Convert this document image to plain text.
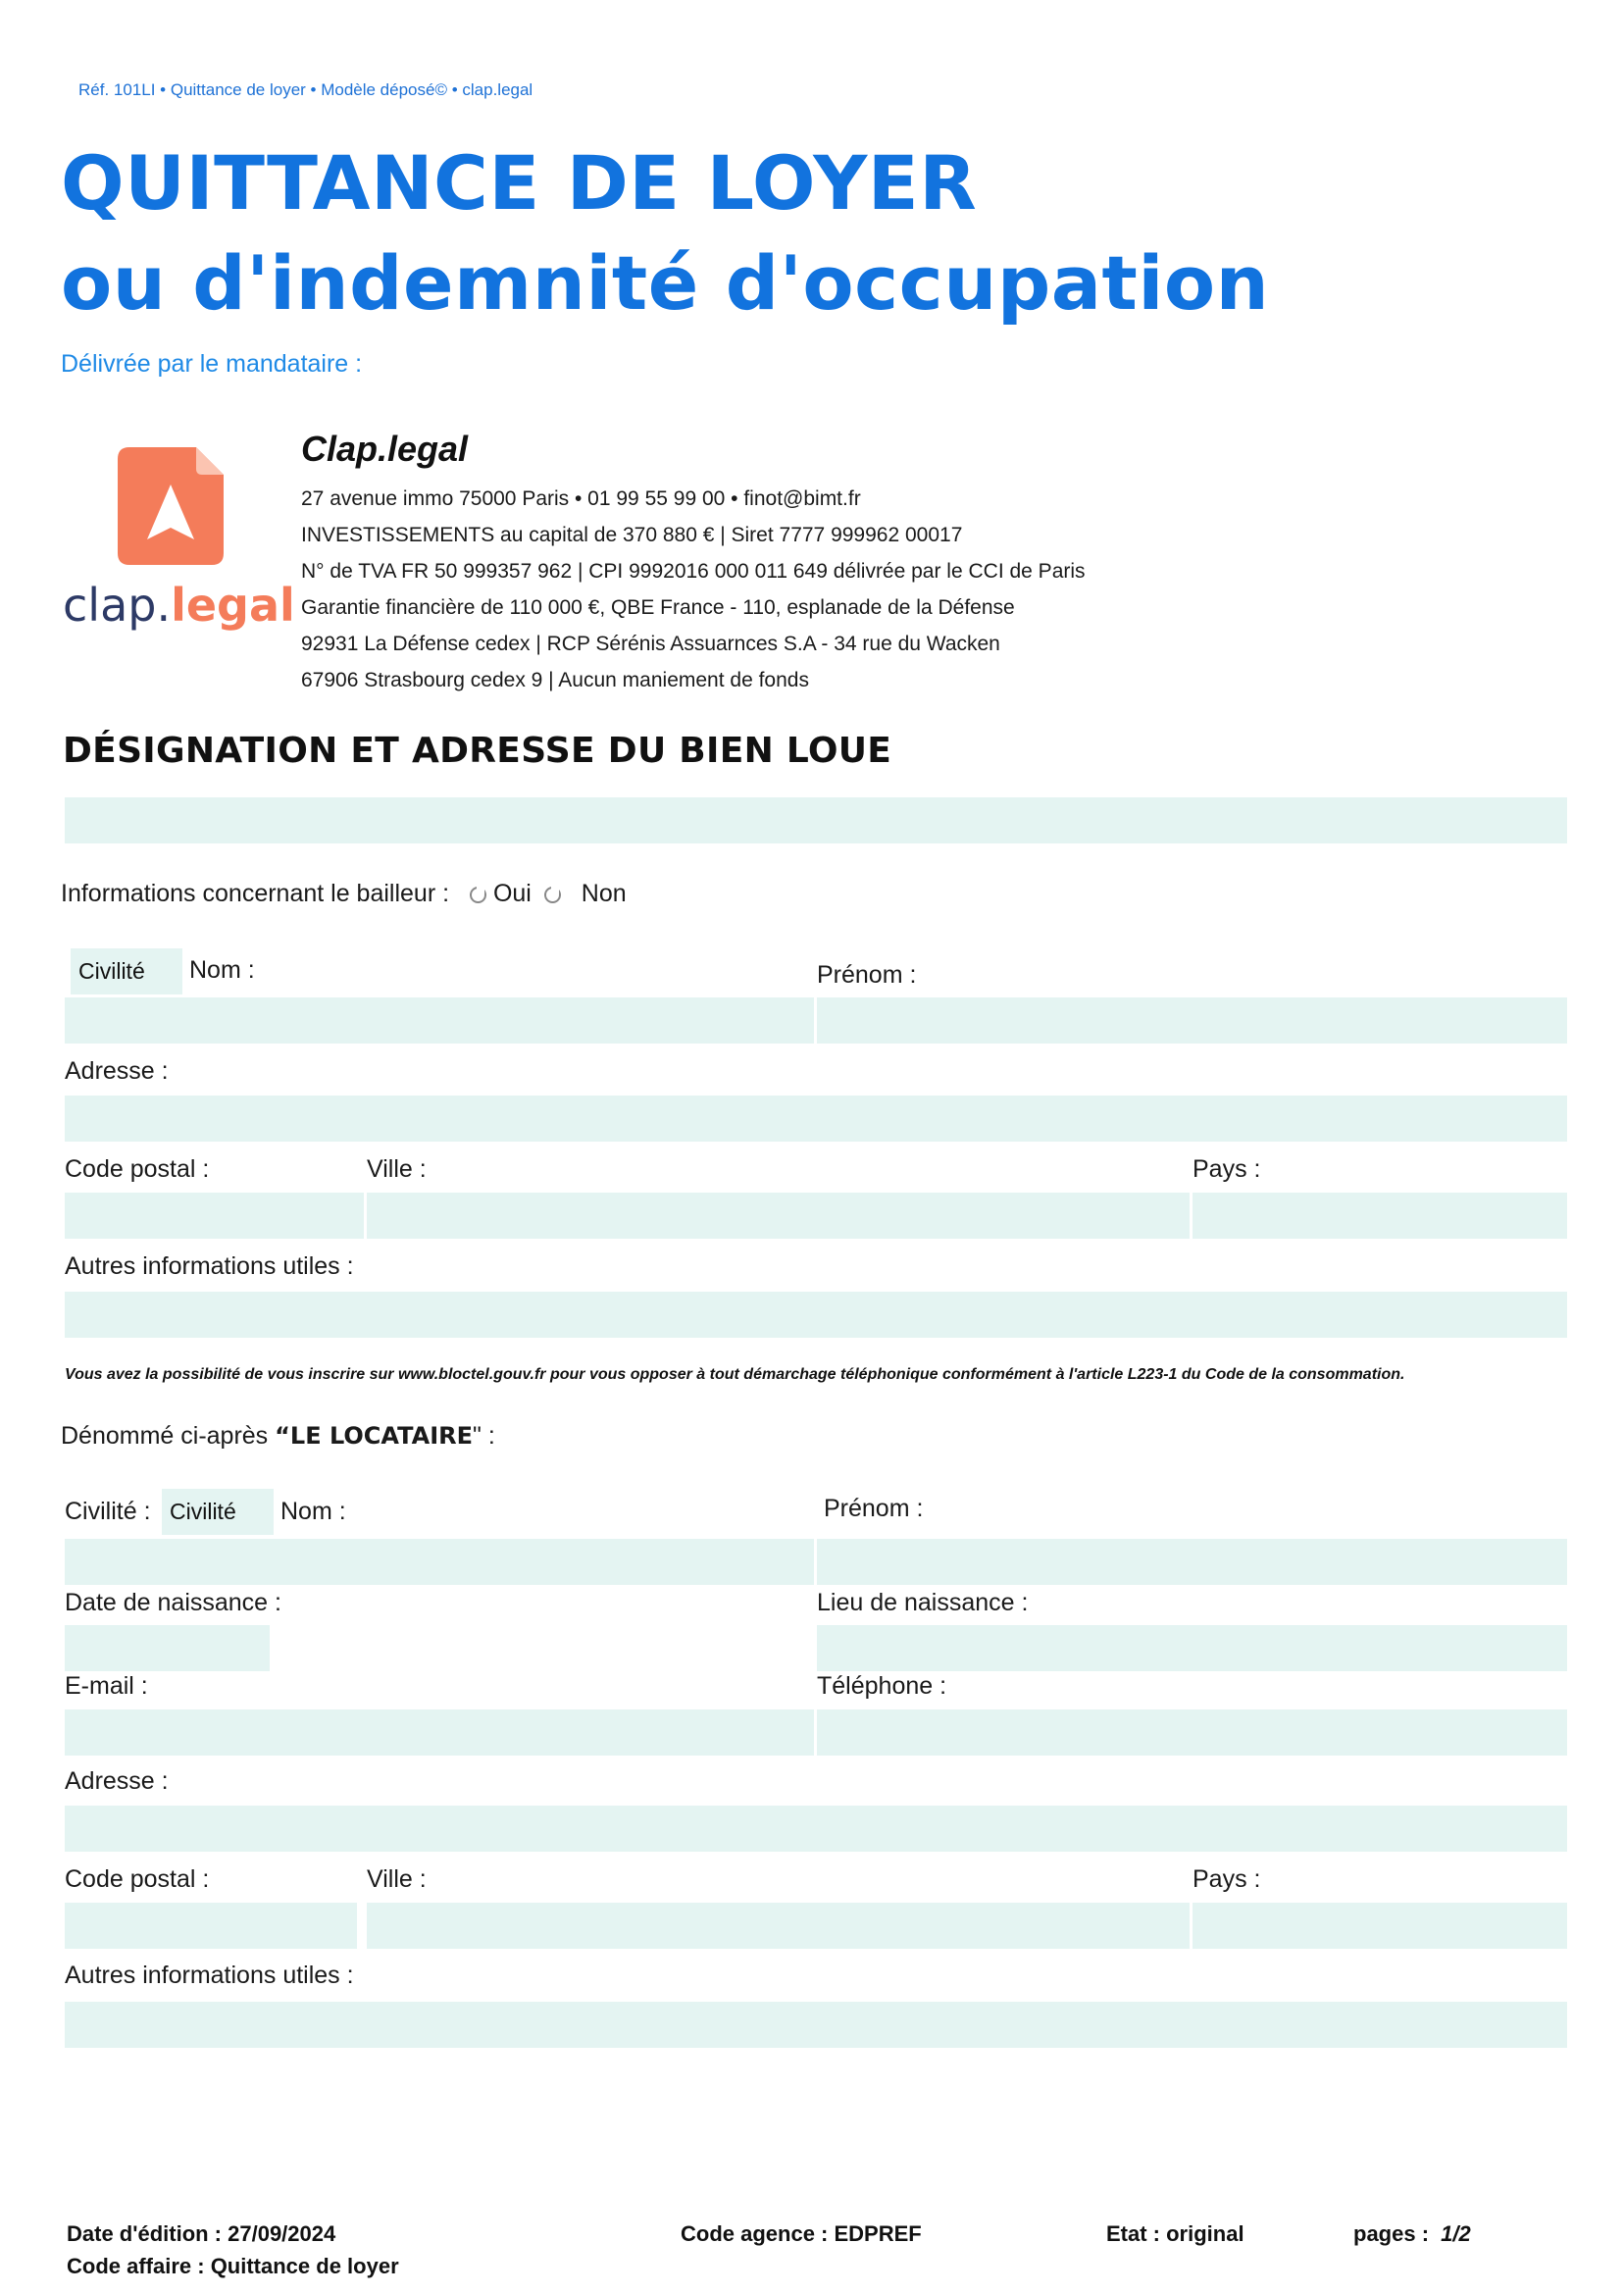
Réf. 101LI • Quittance de loyer • Modèle déposé© • clap.legal
QUITTANCE DE LOYER
ou d'indemnité d'occupation
Délivrée par le mandataire :
clap.legal
Clap.legal
27 avenue immo 75000 Paris • 01 99 55 99 00 • finot@bimt.fr
INVESTISSEMENTS au capital de 370 880 € | Siret 7777 999962 00017
N° de TVA FR 50 999357 962 | CPI 9992016 000 011 649 délivrée par le CCI de Paris
Garantie financière de 110 000 €, QBE France - 110, esplanade de la Défense
92931 La Défense cedex | RCP Sérénis Assuarnces S.A - 34 rue du Wacken
67906 Strasbourg cedex 9 | Aucun maniement de fonds
DÉSIGNATION ET ADRESSE DU BIEN LOUE
Informations concernant le bailleur : Oui Non
Civilité	Nom :	Prénom :
Adresse :
Code postal :	Ville :	Pays :
Autres informations utiles :
Vous avez la possibilité de vous inscrire sur www.bloctel.gouv.fr pour vous opposer à tout démarchage téléphonique conformément à l'article L223-1 du Code de la consommation.
Dénommé ci-après “LE LOCATAIRE" :
Civilité : Civilité	Nom :	Prénom :
Date de naissance :	Lieu de naissance :
E-mail :	Téléphone :
Adresse :
Code postal :	Ville :	Pays :
Autres informations utiles :
Date d'édition : 27/09/2024
Code affaire : Quittance de loyer
Code agence : EDPREF	Etat : original	pages : 1/2
